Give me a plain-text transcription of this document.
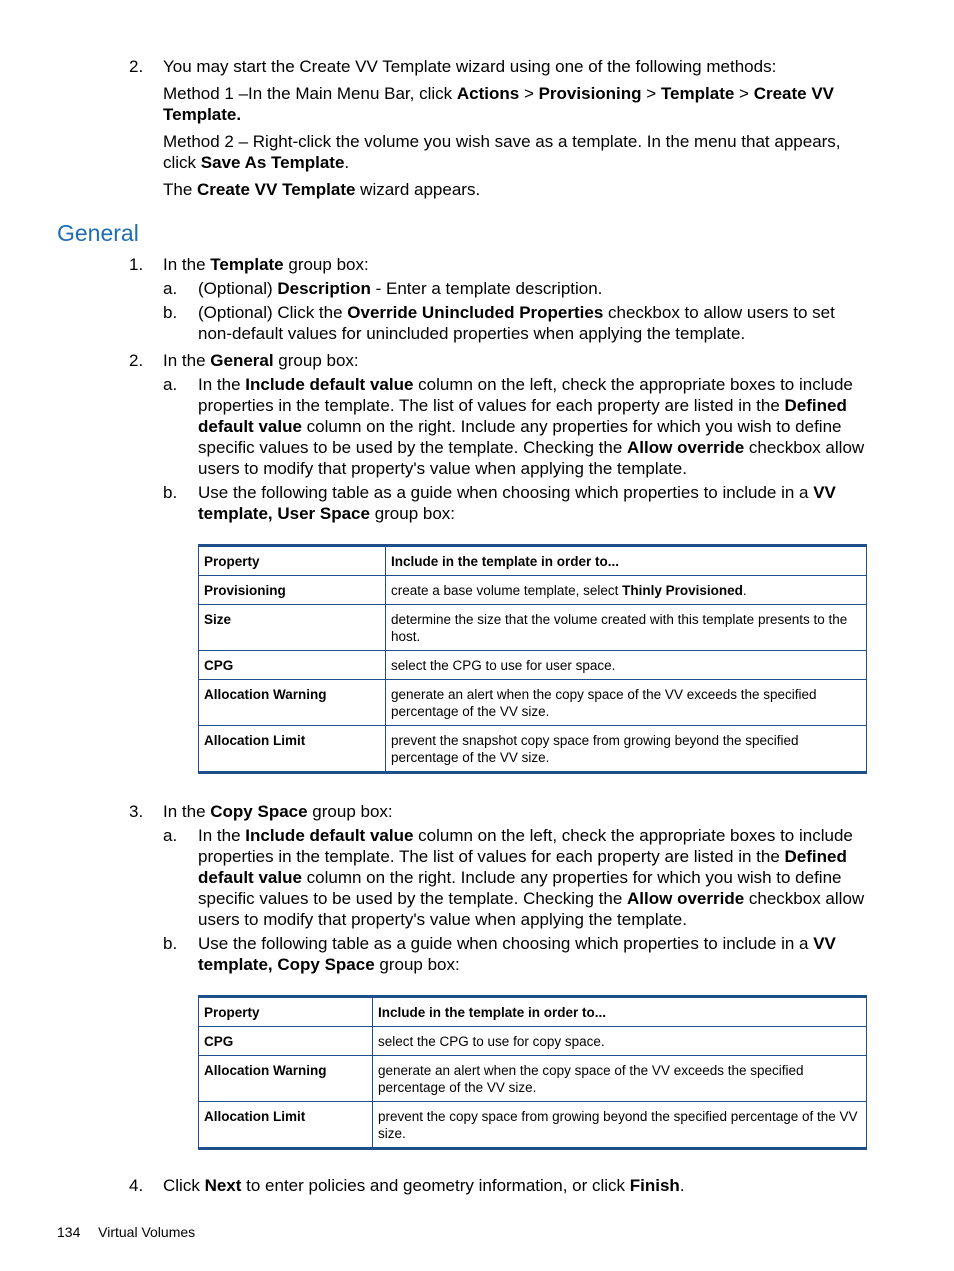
2.	You may start the Create VV Template wizard using one of the following methods:
Method 1 –In the Main Menu Bar, click Actions > Provisioning > Template > Create VV Template.
Method 2 – Right-click the volume you wish save as a template. In the menu that appears, click Save As Template.
The Create VV Template wizard appears.
General
1.	In the Template group box:
a.	(Optional) Description - Enter a template description.
b.	(Optional) Click the Override Unincluded Properties checkbox to allow users to set non-default values for unincluded properties when applying the template.
2.	In the General group box:
a.	In the Include default value column on the left, check the appropriate boxes to include properties in the template. The list of values for each property are listed in the Defined default value column on the right. Include any properties for which you wish to define specific values to be used by the template. Checking the Allow override checkbox allow users to modify that property's value when applying the template.
b.	Use the following table as a guide when choosing which properties to include in a VV template, User Space group box:
Property	Include in the template in order to...
Provisioning	create a base volume template, select Thinly Provisioned.
Size	determine the size that the volume created with this template presents to the host.
CPG	select the CPG to use for user space.
Allocation Warning	generate an alert when the copy space of the VV exceeds the specified percentage of the VV size.
Allocation Limit	prevent the snapshot copy space from growing beyond the specified percentage of the VV size.
3.	In the Copy Space group box:
a.	In the Include default value column on the left, check the appropriate boxes to include properties in the template. The list of values for each property are listed in the Defined default value column on the right. Include any properties for which you wish to define specific values to be used by the template. Checking the Allow override checkbox allow users to modify that property's value when applying the template.
b.	Use the following table as a guide when choosing which properties to include in a VV template, Copy Space group box:
Property	Include in the template in order to...
CPG	select the CPG to use for copy space.
Allocation Warning	generate an alert when the copy space of the VV exceeds the specified percentage of the VV size.
Allocation Limit	prevent the copy space from growing beyond the specified percentage of the VV size.
4.	Click Next to enter policies and geometry information, or click Finish.
134 Virtual Volumes
